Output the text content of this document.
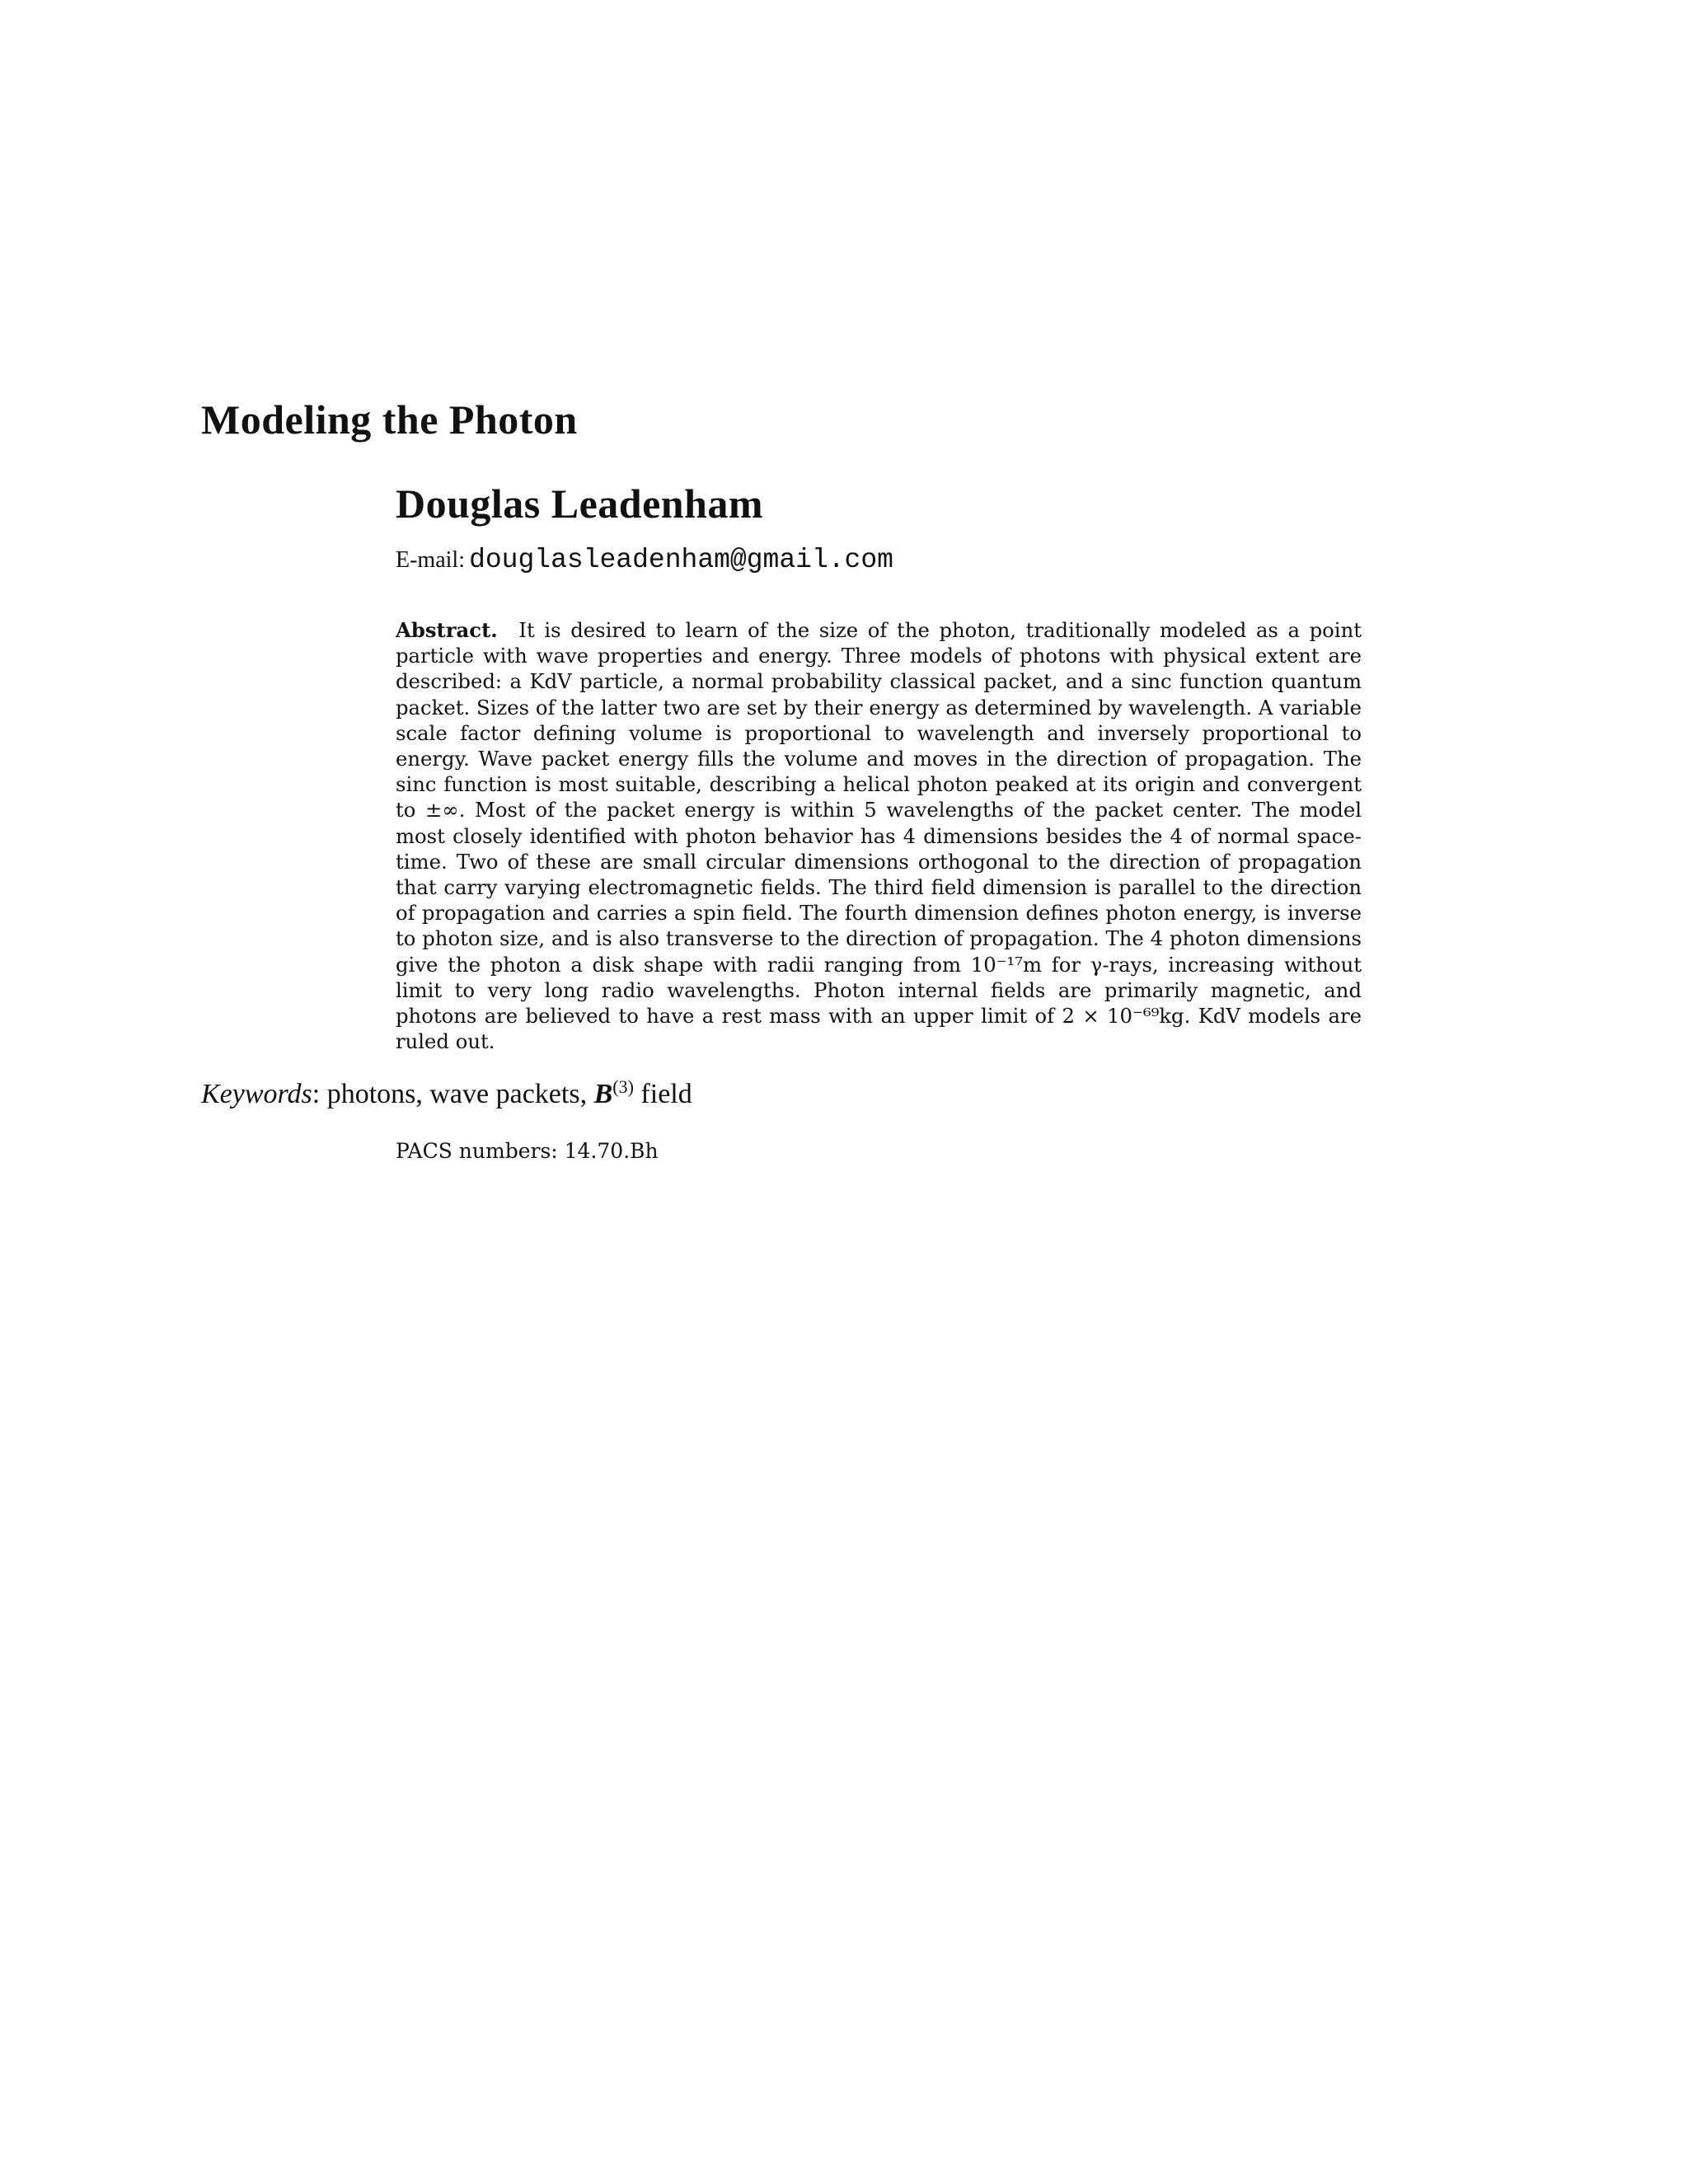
Modeling the Photon
Douglas Leadenham
E-mail: douglasleadenham@gmail.com

Abstract. It is desired to learn of the size of the photon, traditionally modeled as a point particle with wave properties and energy. Three models of photons with physical extent are described: a KdV particle, a normal probability classical packet, and a sinc function quantum packet. Sizes of the latter two are set by their energy as determined by wavelength. A variable scale factor defining volume is proportional to wavelength and inversely proportional to energy. Wave packet energy fills the volume and moves in the direction of propagation. The sinc function is most suitable, describing a helical photon peaked at its origin and convergent to ±∞. Most of the packet energy is within 5 wavelengths of the packet center. The model most closely identified with photon behavior has 4 dimensions besides the 4 of normal space-time. Two of these are small circular dimensions orthogonal to the direction of propagation that carry varying electromagnetic fields. The third field dimension is parallel to the direction of propagation and carries a spin field. The fourth dimension defines photon energy, is inverse to photon size, and is also transverse to the direction of propagation. The 4 photon dimensions give the photon a disk shape with radii ranging from 10⁻¹⁷m for γ-rays, increasing without limit to very long radio wavelengths. Photon internal fields are primarily magnetic, and photons are believed to have a rest mass with an upper limit of 2 × 10⁻⁶⁹kg. KdV models are ruled out.

Keywords: photons, wave packets, $B^{(3)}$ field
PACS numbers: 14.70.Bh
